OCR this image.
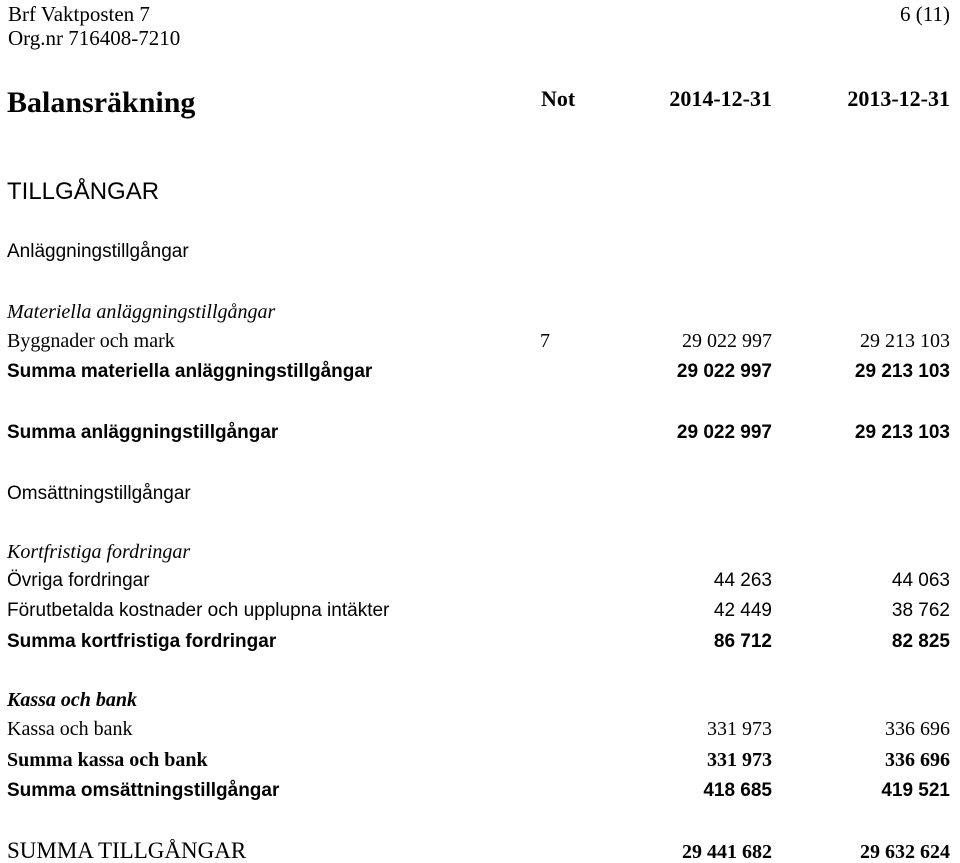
Brf Vaktposten 7
Org.nr 716408-7210
6 (11)
Balansräkning	Not	2014-12-31	2013-12-31
TILLGÅNGAR
Anläggningstillgångar
Materiella anläggningstillgångar
Byggnader och mark	7	29 022 997	29 213 103
Summa materiella anläggningstillgångar	29 022 997	29 213 103
Summa anläggningstillgångar	29 022 997	29 213 103
Omsättningstillgångar
Kortfristiga fordringar
Övriga fordringar	44 263	44 063
Förutbetalda kostnader och upplupna intäkter	42 449	38 762
Summa kortfristiga fordringar	86 712	82 825
Kassa och bank
Kassa och bank	331 973	336 696
Summa kassa och bank	331 973	336 696
Summa omsättningstillgångar	418 685	419 521
SUMMA TILLGÅNGAR	29 441 682	29 632 624
